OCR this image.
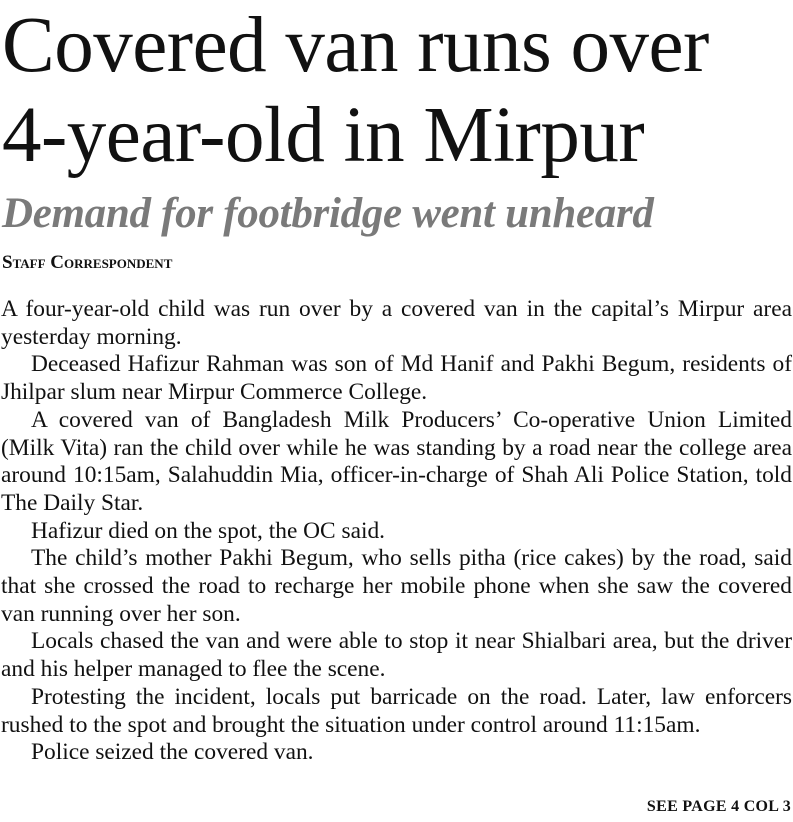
Covered van runs over
4-year-old in Mirpur
Demand for footbridge went unheard
Staff Correspondent

A four-year-old child was run over by a covered van in the capital’s Mirpur area yesterday morning.

Deceased Hafizur Rahman was son of Md Hanif and Pakhi Begum, residents of Jhilpar slum near Mirpur Commerce College.

A covered van of Bangladesh Milk Producers’ Co-operative Union Limited (Milk Vita) ran the child over while he was standing by a road near the college area around 10:15am, Salahuddin Mia, officer-in-charge of Shah Ali Police Station, told The Daily Star.

Hafizur died on the spot, the OC said.

The child’s mother Pakhi Begum, who sells pitha (rice cakes) by the road, said that she crossed the road to recharge her mobile phone when she saw the covered van running over her son.

Locals chased the van and were able to stop it near Shialbari area, but the driver and his helper managed to flee the scene.

Protesting the incident, locals put barricade on the road. Later, law enforcers rushed to the spot and brought the situation under control around 11:15am.

Police seized the covered van.

SEE PAGE 4 COL 3
